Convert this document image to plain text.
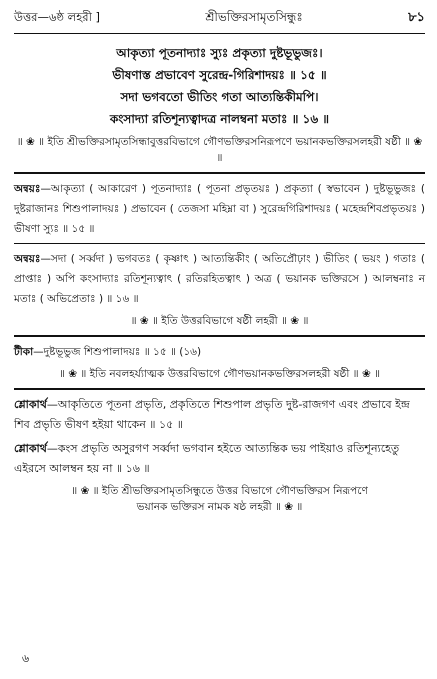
উত্তর—৬ষ্ঠ লহরী ]	শ্রীভক্তিরসামৃতসিন্ধুঃ	৮১
আকৃত্যা পূতনাদ্যাঃ স্যুঃ প্রকৃত্যা দুষ্টভূভুজঃ।
ভীষণাস্ত প্রভাবেণ সুরেন্দ্র-গিরিশাদয়ঃ ॥ ১৫ ॥
সদা ভগবতো ভীতিং গতা আত্যন্তিকীমপি।
কংসাদ্যা রতিশূন্যত্বাদত্র নালম্বনা মতাঃ ॥ ১৬ ॥
॥ ❀ ॥ ইতি শ্রীভক্তিরসামৃতসিন্ধাবুত্তরবিভাগে গৌণভক্তিরসনিরূপণে ভয়ানকভক্তিরসলহরী ষষ্ঠী ॥ ❀ ॥
অন্বয়ঃ—আকৃত্যা ( আকারেণ ) পূতনাদ্যাঃ ( পূতনা প্রভৃতয়ঃ ) প্রকৃত্যা ( স্বভাবেন ) দুষ্টভূভুজঃ ( দুষ্টরাজানঃ শিশুপালাদয়ঃ ) প্রভাবেন ( তেজসা মহিম্না বা ) সুরেন্দ্রগিরিশাদয়ঃ ( মহেন্দ্রশিবপ্রভৃতয়ঃ ) ভীষণা স্যুঃ ॥ ১৫ ॥
অন্বয়ঃ—সদা ( সর্ব্বদা ) ভগবতঃ ( কৃষ্ণাৎ ) আত্যন্তিকীং ( অতিপ্রৌঢ়াং ) ভীতিং ( ভয়ং ) গতাঃ ( প্রাপ্তাঃ ) অপি কংসাদ্যাঃ রতিশূন্যত্বাৎ ( রতিরহিতত্বাৎ ) অত্র ( ভয়ানক ভক্তিরসে ) আলম্বনাঃ ন মতাঃ ( অভিপ্রেতাঃ ) ॥ ১৬ ॥
॥ ❀ ॥ ইতি উত্তরবিভাগে ষষ্ঠী লহরী ॥ ❀ ॥
টীকা—দুষ্টভূভুজ শিশুপালাদয়ঃ ॥ ১৫ ॥ (১৬)
॥ ❀ ॥ ইতি নবলহর্য্যাত্মক উত্তরবিভাগে গৌণভয়ানকভক্তিরসলহরী ষষ্ঠী ॥ ❀ ॥
শ্লোকার্থ—আকৃতিতে পূতনা প্রভৃতি, প্রকৃতিতে শিশুপাল প্রভৃতি দুষ্ট-রাজগণ এবং প্রভাবে ইন্দ্র শিব প্রভৃতি ভীষণ হইয়া থাকেন ॥ ১৫ ॥
শ্লোকার্থ—কংস প্রভৃতি অসুরগণ সর্ব্বদা ভগবান হইতে আত্যন্তিক ভয় পাইয়াও রতিশূন্যহেতু এইরসে আলম্বন হয় না ॥ ১৬ ॥
॥ ❀ ॥ ইতি শ্রীভক্তিরসামৃতসিন্ধুতে উত্তর বিভাগে গৌণভক্তিরস নিরূপণে
ভয়ানক ভক্তিরস নামক ষষ্ঠ লহরী ॥ ❀ ॥
৬
